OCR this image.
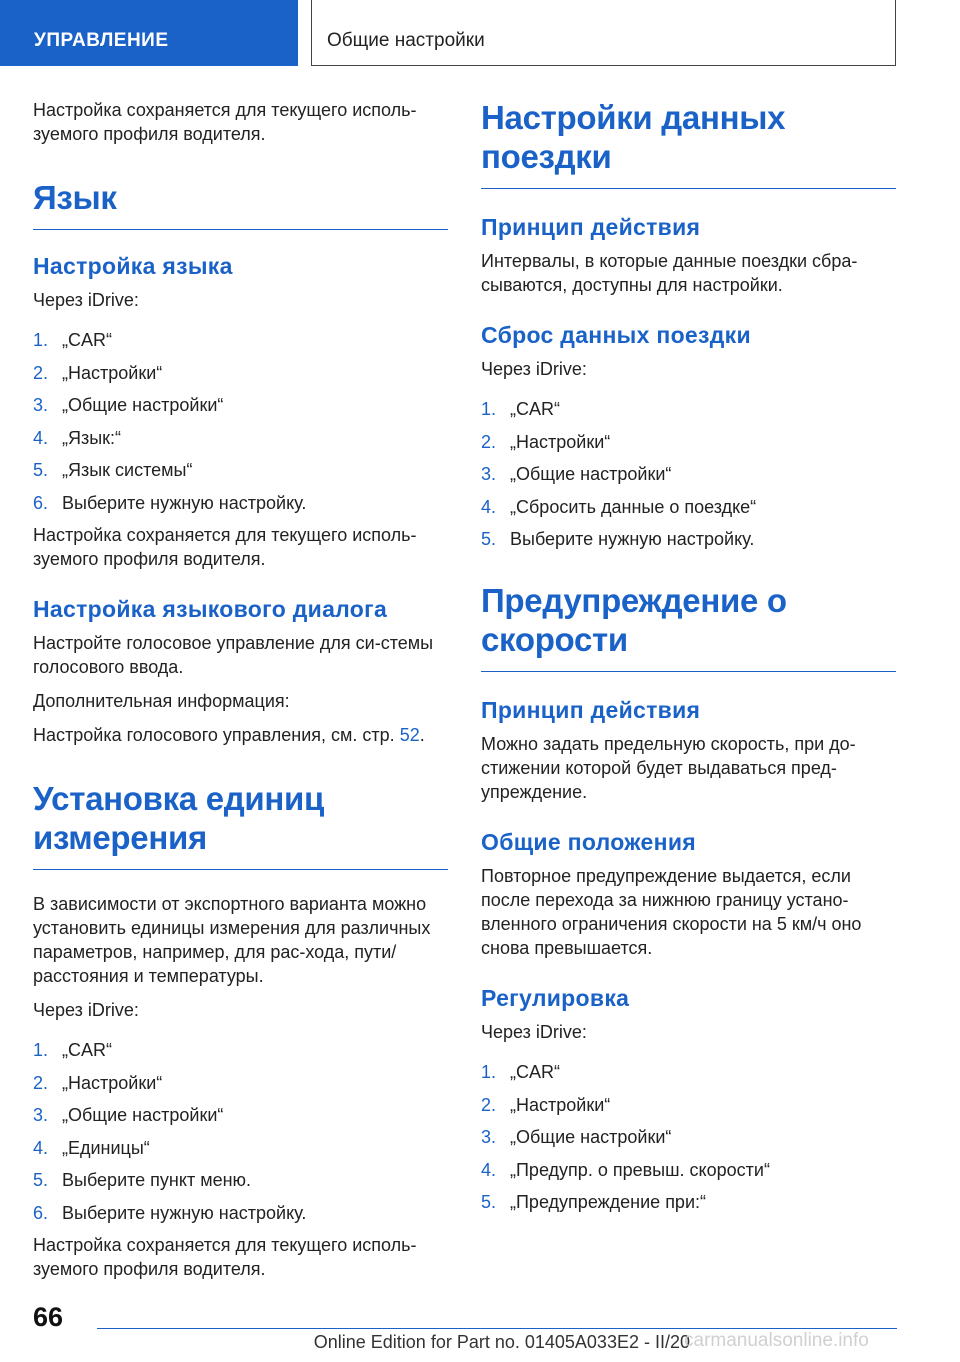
УПРАВЛЕНИЕ	Общие настройки

Настройка сохраняется для текущего исполь-зуемого профиля водителя.

Язык
Настройка языка

Через iDrive:

1. „CAR“
2. „Настройки“
3. „Общие настройки“
4. „Язык:“
5. „Язык системы“
6. Выберите нужную настройку.

Настройка сохраняется для текущего исполь-зуемого профиля водителя.

Настройка языкового диалога

Настройте голосовое управление для си-стемы голосового ввода.

Дополнительная информация:

Настройка голосового управления, см. стр. 52.

Установка единиц измерения

В зависимости от экспортного варианта можно установить единицы измерения для различных параметров, например, для рас-хода, пути/расстояния и температуры.

Через iDrive:

1. „CAR“
2. „Настройки“
3. „Общие настройки“
4. „Единицы“
5. Выберите пункт меню.
6. Выберите нужную настройку.

Настройка сохраняется для текущего исполь-зуемого профиля водителя.

Настройки данных поездки
Принцип действия

Интервалы, в которые данные поездки сбра-сываются, доступны для настройки.

Сброс данных поездки

Через iDrive:

1. „CAR“
2. „Настройки“
3. „Общие настройки“
4. „Сбросить данные о поездке“
5. Выберите нужную настройку.
Предупреждение о скорости
Принцип действия

Можно задать предельную скорость, при до-стижении которой будет выдаваться пред-упреждение.

Общие положения

Повторное предупреждение выдается, если после перехода за нижнюю границу устано-вленного ограничения скорости на 5 км/ч оно снова превышается.

Регулировка

Через iDrive:

1. „CAR“
2. „Настройки“
3. „Общие настройки“
4. „Предупр. о превыш. скорости“
5. „Предупреждение при:“
66
Online Edition for Part no. 01405A033E2 - II/20
carmanualsonline.info
